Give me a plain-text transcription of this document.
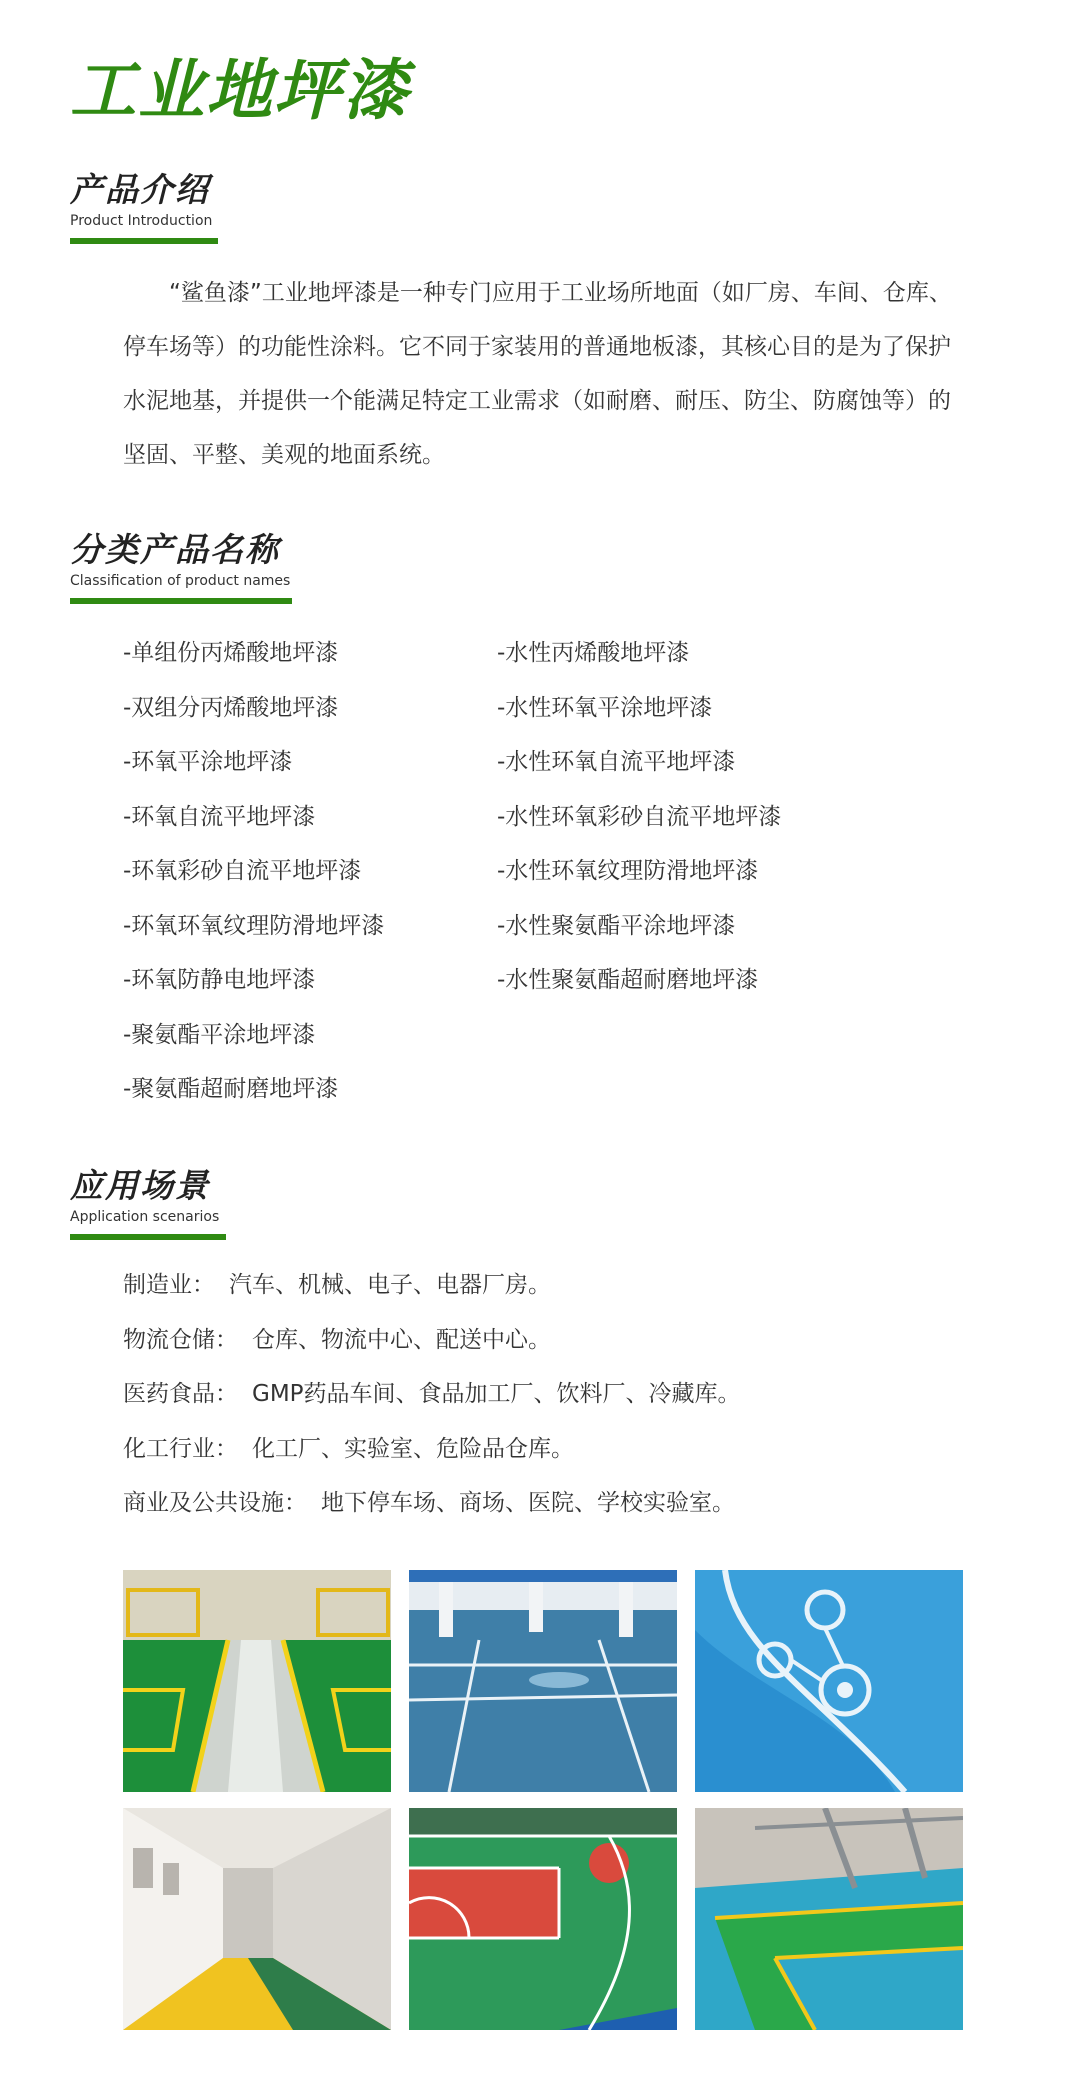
工业地坪漆
产品介绍
Product Introduction

“鲨鱼漆”工业地坪漆是一种专门应用于工业场所地面（如厂房、车间、仓库、停车场等）的功能性涂料。它不同于家装用的普通地板漆，其核心目的是为了保护水泥地基，并提供一个能满足特定工业需求（如耐磨、耐压、防尘、防腐蚀等）的坚固、平整、美观的地面系统。

分类产品名称
Classification of product names
-单组份丙烯酸地坪漆
-双组分丙烯酸地坪漆
-环氧平涂地坪漆
-环氧自流平地坪漆
-环氧彩砂自流平地坪漆
-环氧环氧纹理防滑地坪漆
-环氧防静电地坪漆
-聚氨酯平涂地坪漆
-聚氨酯超耐磨地坪漆
-水性丙烯酸地坪漆
-水性环氧平涂地坪漆
-水性环氧自流平地坪漆
-水性环氧彩砂自流平地坪漆
-水性环氧纹理防滑地坪漆
-水性聚氨酯平涂地坪漆
-水性聚氨酯超耐磨地坪漆
应用场景
Application scenarios
制造业： 汽车、机械、电子、电器厂房。
物流仓储： 仓库、物流中心、配送中心。
医药食品： GMP药品车间、食品加工厂、饮料厂、冷藏库。
化工行业： 化工厂、实验室、危险品仓库。
商业及公共设施： 地下停车场、商场、医院、学校实验室。
